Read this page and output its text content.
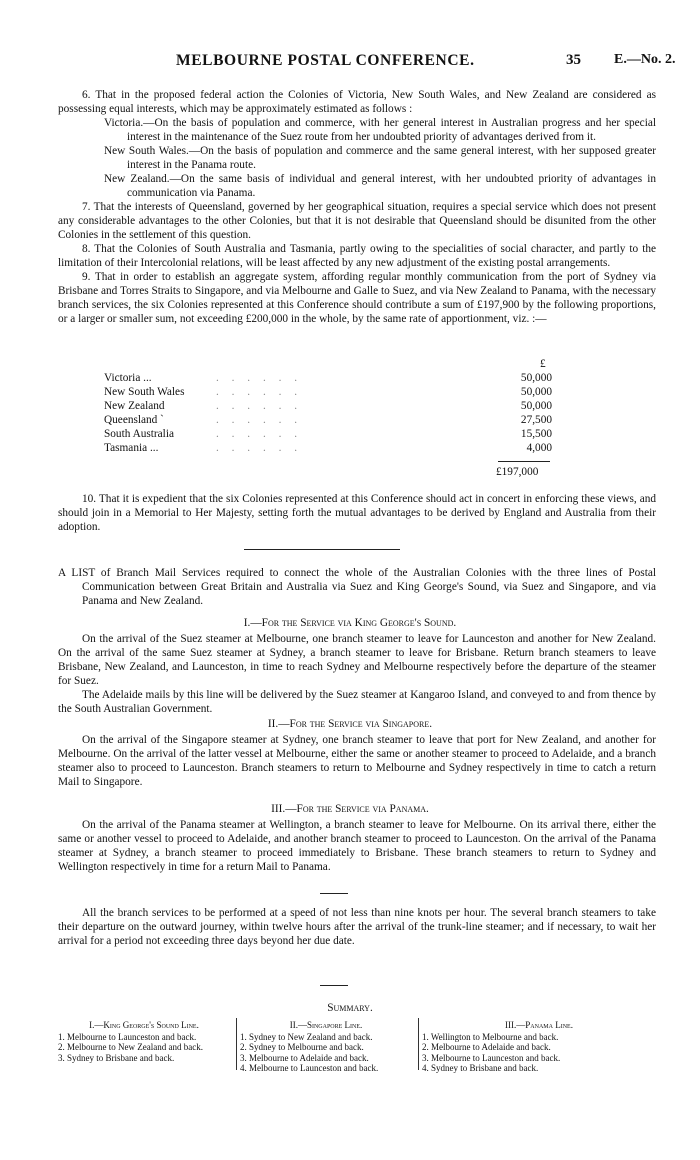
MELBOURNE POSTAL CONFERENCE.	35 E.—No. 2.

6. That in the proposed federal action the Colonies of Victoria, New South Wales, and New Zealand are considered as possessing equal interests, which may be approximately estimated as follows :

Victoria.—On the basis of population and commerce, with her general interest in Australian progress and her special interest in the maintenance of the Suez route from her undoubted priority of advantages derived from it.

New South Wales.—On the basis of population and commerce and the same general interest, with her supposed greater interest in the Panama route.

New Zealand.—On the same basis of individual and general interest, with her undoubted priority of advantages in communication via Panama.

7. That the interests of Queensland, governed by her geographical situation, requires a special service which does not present any considerable advantages to the other Colonies, but that it is not desirable that Queensland should be disunited from the other Colonies in the settlement of this question.

8. That the Colonies of South Australia and Tasmania, partly owing to the specialities of social character, and partly to the limitation of their Intercolonial relations, will be least affected by any new adjustment of the existing postal arrangements.

9. That in order to establish an aggregate system, affording regular monthly communication from the port of Sydney via Brisbane and Torres Straits to Singapore, and via Melbourne and Galle to Suez, and via New Zealand to Panama, with the necessary branch services, the six Colonies represented at this Conference should contribute a sum of £197,900 by the following proportions, or a larger or smaller sum, not exceeding £200,000 in the whole, by the same rate of apportionment, viz. :—

£
Victoria ...	. . . . . .	50,000
New South Wales	. . . . . .	50,000
New Zealand	. . . . . .	50,000
Queensland `	. . . . . .	27,500
South Australia	. . . . . .	15,500
Tasmania ...	. . . . . .	4,000
£197,000

10. That it is expedient that the six Colonies represented at this Conference should act in concert in enforcing these views, and should join in a Memorial to Her Majesty, setting forth the mutual advantages to be derived by England and Australia from their adoption.

A LIST of Branch Mail Services required to connect the whole of the Australian Colonies with the three lines of Postal Communication between Great Britain and Australia via Suez and King George's Sound, via Suez and Singapore, and via Panama and New Zealand.

I.—For the Service via King George's Sound.

On the arrival of the Suez steamer at Melbourne, one branch steamer to leave for Launceston and another for New Zealand. On the arrival of the same Suez steamer at Sydney, a branch steamer to leave for Brisbane. Return branch steamers to leave Brisbane, New Zealand, and Launceston, in time to reach Sydney and Melbourne respectively before the departure of the steamer for Suez.

The Adelaide mails by this line will be delivered by the Suez steamer at Kangaroo Island, and conveyed to and from thence by the South Australian Government.

II.—For the Service via Singapore.

On the arrival of the Singapore steamer at Sydney, one branch steamer to leave that port for New Zealand, and another for Melbourne. On the arrival of the latter vessel at Melbourne, either the same or another steamer to proceed to Adelaide, and a branch steamer also to proceed to Launceston. Branch steamers to return to Melbourne and Sydney respectively in time to catch a return Mail to Singapore.

III.—For the Service via Panama.

On the arrival of the Panama steamer at Wellington, a branch steamer to leave for Melbourne. On its arrival there, either the same or another vessel to proceed to Adelaide, and another branch steamer to proceed to Launceston. On the arrival of the Panama steamer at Sydney, a branch steamer to proceed immediately to Brisbane. These branch steamers to return to Sydney and Wellington respectively in time for a return Mail to Panama.

All the branch services to be performed at a speed of not less than nine knots per hour. The several branch steamers to take their departure on the outward journey, within twelve hours after the arrival of the trunk-line steamer; and if necessary, to wait her arrival for a period not exceeding three days beyond her due date.

Summary.
I.—King George's Sound Line.
1. Melbourne to Launceston and back.
2. Melbourne to New Zealand and back.
3. Sydney to Brisbane and back.
II.—Singapore Line.
1. Sydney to New Zealand and back.
2. Sydney to Melbourne and back.
3. Melbourne to Adelaide and back.
4. Melbourne to Launceston and back.
III.—Panama Line.
1. Wellington to Melbourne and back.
2. Melbourne to Adelaide and back.
3. Melbourne to Launceston and back.
4. Sydney to Brisbane and back.
